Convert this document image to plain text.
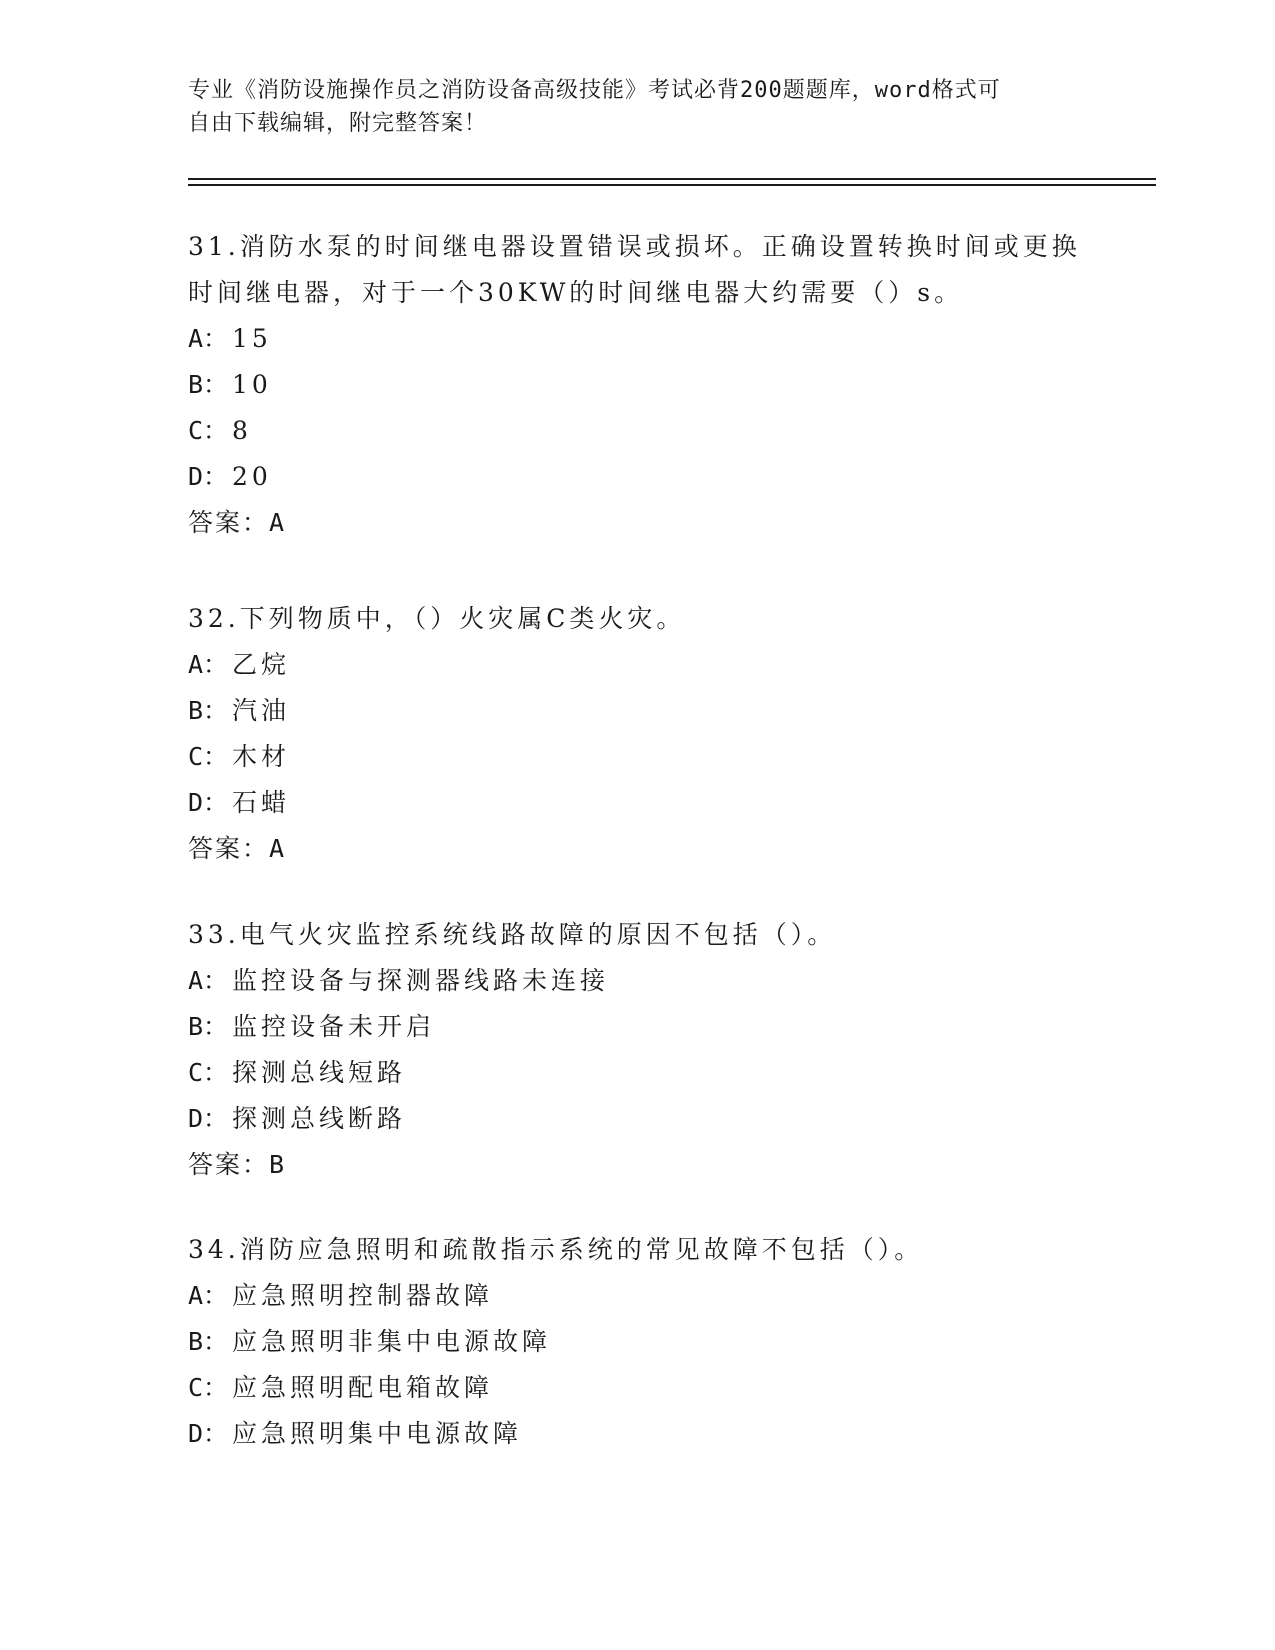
专业《消防设施操作员之消防设备高级技能》考试必背200题题库，word格式可
自由下载编辑，附完整答案！
31.消防水泵的时间继电器设置错误或损坏。正确设置转换时间或更换
时间继电器，对于一个30KW的时间继电器大约需要（）s。
A： 15
B： 10
C： 8
D： 20
答案：A
32.下列物质中，（）火灾属C类火灾。
A： 乙烷
B： 汽油
C： 木材
D： 石蜡
答案：A
33.电气火灾监控系统线路故障的原因不包括（）。
A： 监控设备与探测器线路未连接
B： 监控设备未开启
C： 探测总线短路
D： 探测总线断路
答案：B
34.消防应急照明和疏散指示系统的常见故障不包括（）。
A： 应急照明控制器故障
B： 应急照明非集中电源故障
C： 应急照明配电箱故障
D： 应急照明集中电源故障
